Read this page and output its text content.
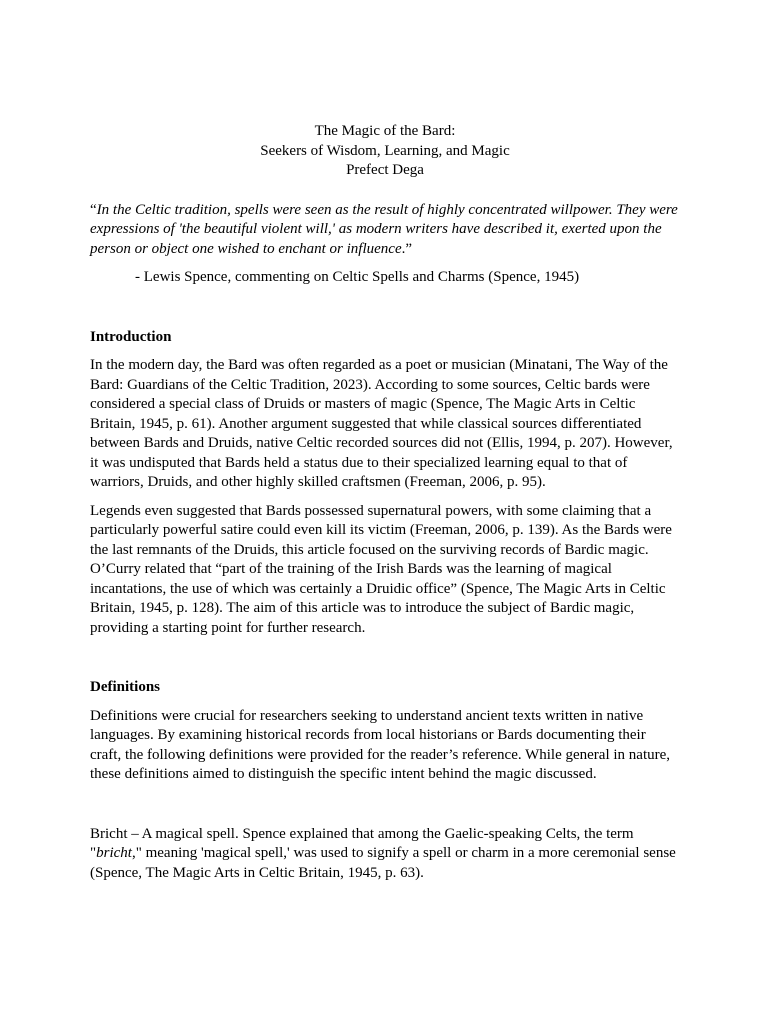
The Magic of the Bard:
Seekers of Wisdom, Learning, and Magic
Prefect Dega
“In the Celtic tradition, spells were seen as the result of highly concentrated willpower. They were expressions of 'the beautiful violent will,' as modern writers have described it, exerted upon the person or object one wished to enchant or influence.”
- Lewis Spence, commenting on Celtic Spells and Charms (Spence, 1945)
Introduction
In the modern day, the Bard was often regarded as a poet or musician (Minatani, The Way of the Bard: Guardians of the Celtic Tradition, 2023). According to some sources, Celtic bards were considered a special class of Druids or masters of magic (Spence, The Magic Arts in Celtic Britain, 1945, p. 61). Another argument suggested that while classical sources differentiated between Bards and Druids, native Celtic recorded sources did not (Ellis, 1994, p. 207). However, it was undisputed that Bards held a status due to their specialized learning equal to that of warriors, Druids, and other highly skilled craftsmen (Freeman, 2006, p. 95).
Legends even suggested that Bards possessed supernatural powers, with some claiming that a particularly powerful satire could even kill its victim (Freeman, 2006, p. 139). As the Bards were the last remnants of the Druids, this article focused on the surviving records of Bardic magic. O’Curry related that “part of the training of the Irish Bards was the learning of magical incantations, the use of which was certainly a Druidic office” (Spence, The Magic Arts in Celtic Britain, 1945, p. 128). The aim of this article was to introduce the subject of Bardic magic, providing a starting point for further research.
Definitions
Definitions were crucial for researchers seeking to understand ancient texts written in native languages. By examining historical records from local historians or Bards documenting their craft, the following definitions were provided for the reader’s reference. While general in nature, these definitions aimed to distinguish the specific intent behind the magic discussed.
Bricht – A magical spell. Spence explained that among the Gaelic-speaking Celts, the term "bricht," meaning 'magical spell,' was used to signify a spell or charm in a more ceremonial sense (Spence, The Magic Arts in Celtic Britain, 1945, p. 63).
